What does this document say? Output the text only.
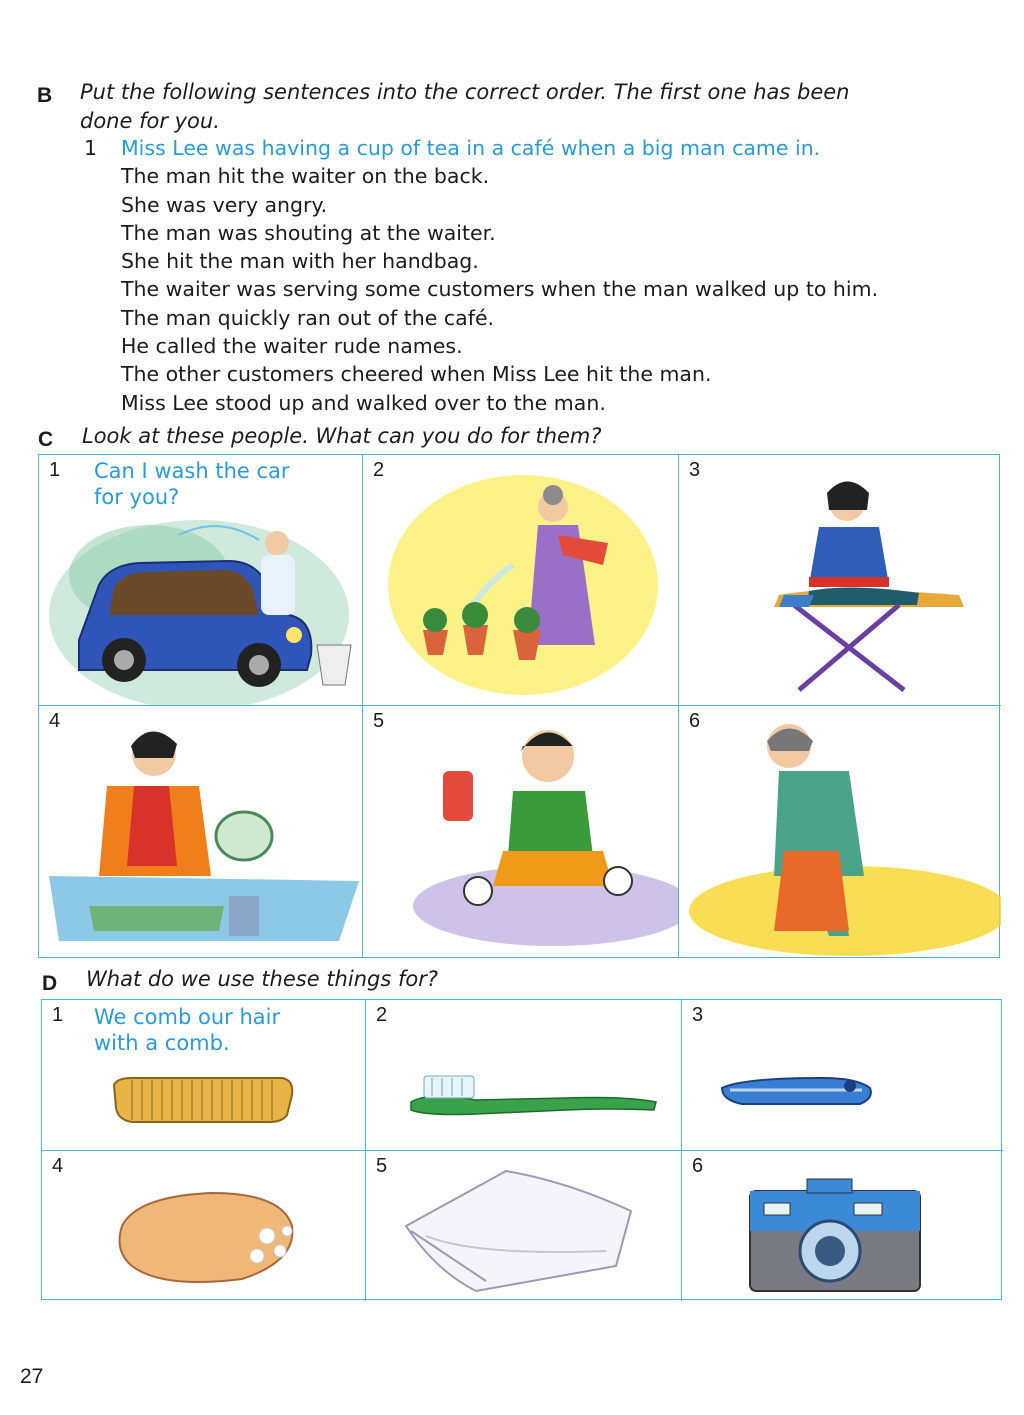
B Put the following sentences into the correct order. The first one has been
done for you.
1 Miss Lee was having a cup of tea in a café when a big man came in.
The man hit the waiter on the back.
She was very angry.
The man was shouting at the waiter.
She hit the man with her handbag.
The waiter was serving some customers when the man walked up to him.
The man quickly ran out of the café.
He called the waiter rude names.
The other customers cheered when Miss Lee hit the man.
Miss Lee stood up and walked over to the man.
C Look at these people. What can you do for them?
1 Can I wash the car
for you?
2	3
4	5	6
D What do we use these things for?
1 We comb our hair
with a comb.
2	3
4	5	6
27
